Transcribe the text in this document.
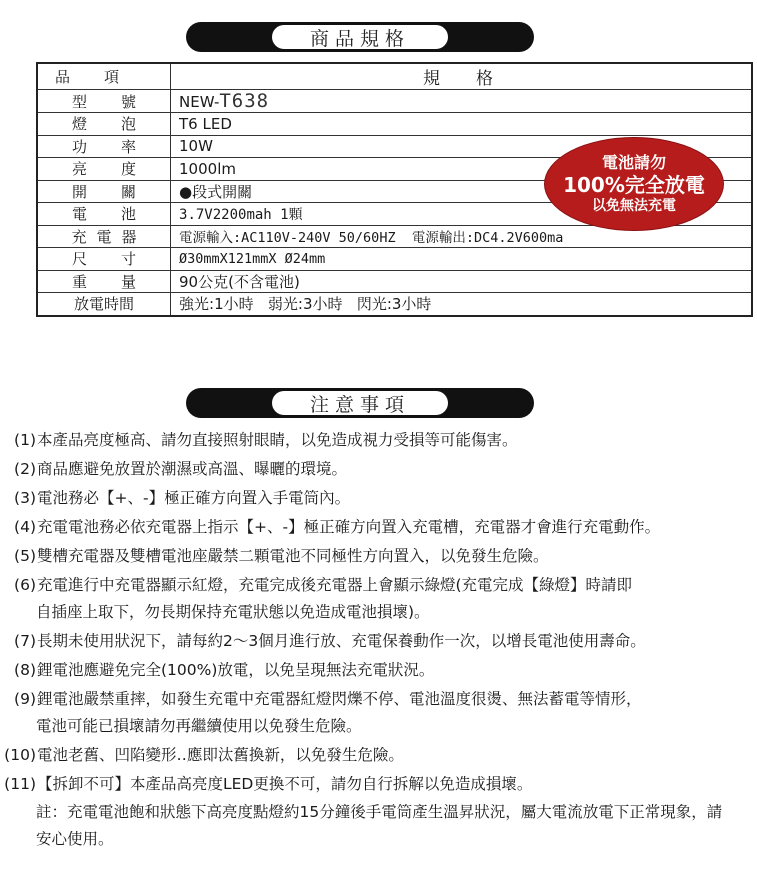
商品規格
品項	規格

型號	NEW-T638

燈泡	T6 LED

功率	10W

亮度	1000lm

開關	●段式開關

電池	3.7V2200mah 1顆

充電器	電源輸入:AC110V-240V 50/60HZ  電源輸出:DC4.2V600ma

尺寸	Ø30mmX121mmX Ø24mm

重量	90公克(不含電池)

放電時間	強光:1小時   弱光:3小時   閃光:3小時
電池請勿
100%完全放電
以免無法充電
注意事項
(1) 本產品亮度極高、請勿直接照射眼睛，以免造成視力受損等可能傷害。
(2) 商品應避免放置於潮濕或高溫、曝曬的環境。
(3) 電池務必【+、-】極正確方向置入手電筒內。
(4) 充電電池務必依充電器上指示【+、-】極正確方向置入充電槽，充電器才會進行充電動作。
(5) 雙槽充電器及雙槽電池座嚴禁二顆電池不同極性方向置入，以免發生危險。
(6) 充電進行中充電器顯示紅燈，充電完成後充電器上會顯示綠燈(充電完成【綠燈】時請即
自插座上取下，勿長期保持充電狀態以免造成電池損壞)。
(7) 長期未使用狀況下，請每約2～3個月進行放、充電保養動作一次，以增長電池使用壽命。
(8) 鋰電池應避免完全(100%)放電，以免呈現無法充電狀況。
(9) 鋰電池嚴禁重摔，如發生充電中充電器紅燈閃爍不停、電池溫度很燙、無法蓄電等情形，
電池可能已損壞請勿再繼續使用以免發生危險。
(10) 電池老舊、凹陷變形‥應即汰舊換新，以免發生危險。
(11) 【拆卸不可】本產品高亮度LED更換不可，請勿自行拆解以免造成損壞。
註：充電電池飽和狀態下高亮度點燈約15分鐘後手電筒產生溫昇狀況，屬大電流放電下正常現象，請安心使用。
